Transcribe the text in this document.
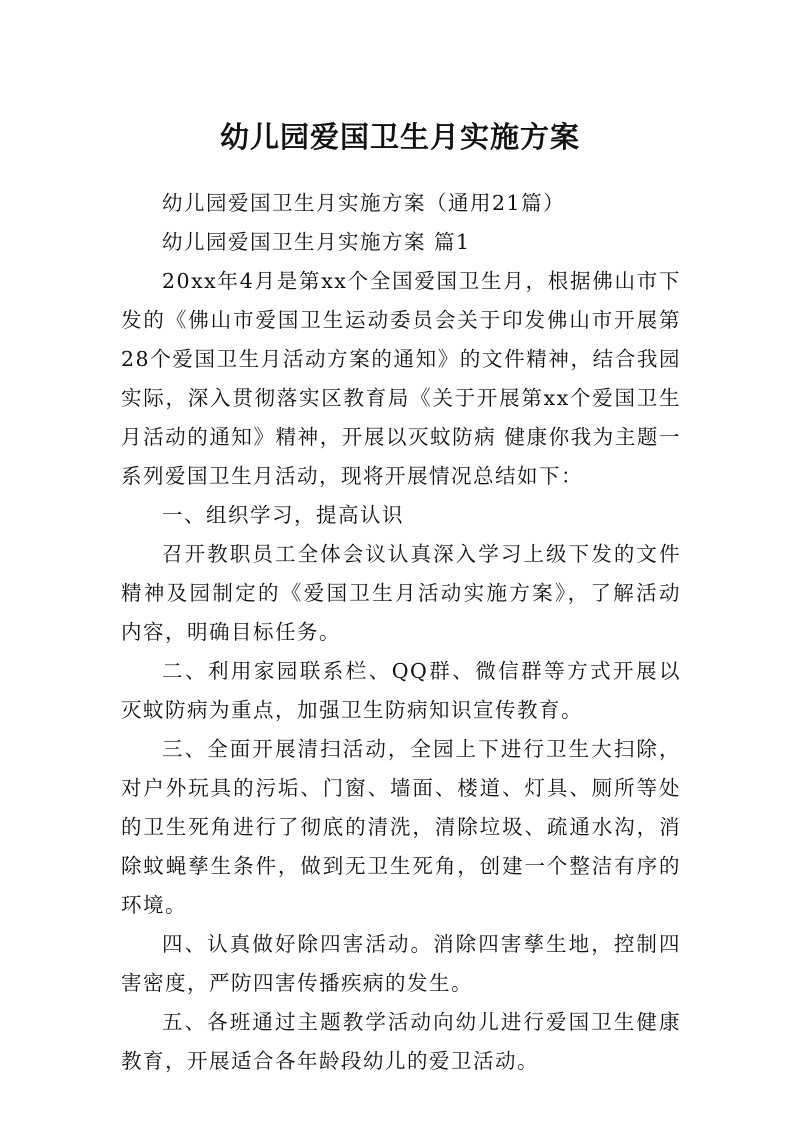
幼儿园爱国卫生月实施方案

幼儿园爱国卫生月实施方案（通用21篇）

幼儿园爱国卫生月实施方案 篇1

20xx年4月是第xx个全国爱国卫生月，根据佛山市下发的《佛山市爱国卫生运动委员会关于印发佛山市开展第28个爱国卫生月活动方案的通知》的文件精神，结合我园实际，深入贯彻落实区教育局《关于开展第xx个爱国卫生月活动的通知》精神，开展以灭蚊防病 健康你我为主题一系列爱国卫生月活动，现将开展情况总结如下：

一、组织学习，提高认识

召开教职员工全体会议认真深入学习上级下发的文件精神及园制定的《爱国卫生月活动实施方案》，了解活动内容，明确目标任务。

二、利用家园联系栏、QQ群、微信群等方式开展以灭蚊防病为重点，加强卫生防病知识宣传教育。

三、全面开展清扫活动，全园上下进行卫生大扫除，对户外玩具的污垢、门窗、墙面、楼道、灯具、厕所等处的卫生死角进行了彻底的清洗，清除垃圾、疏通水沟，消除蚊蝇孳生条件，做到无卫生死角，创建一个整洁有序的环境。

四、认真做好除四害活动。消除四害孳生地，控制四害密度，严防四害传播疾病的发生。

五、各班通过主题教学活动向幼儿进行爱国卫生健康教育，开展适合各年龄段幼儿的爱卫活动。
